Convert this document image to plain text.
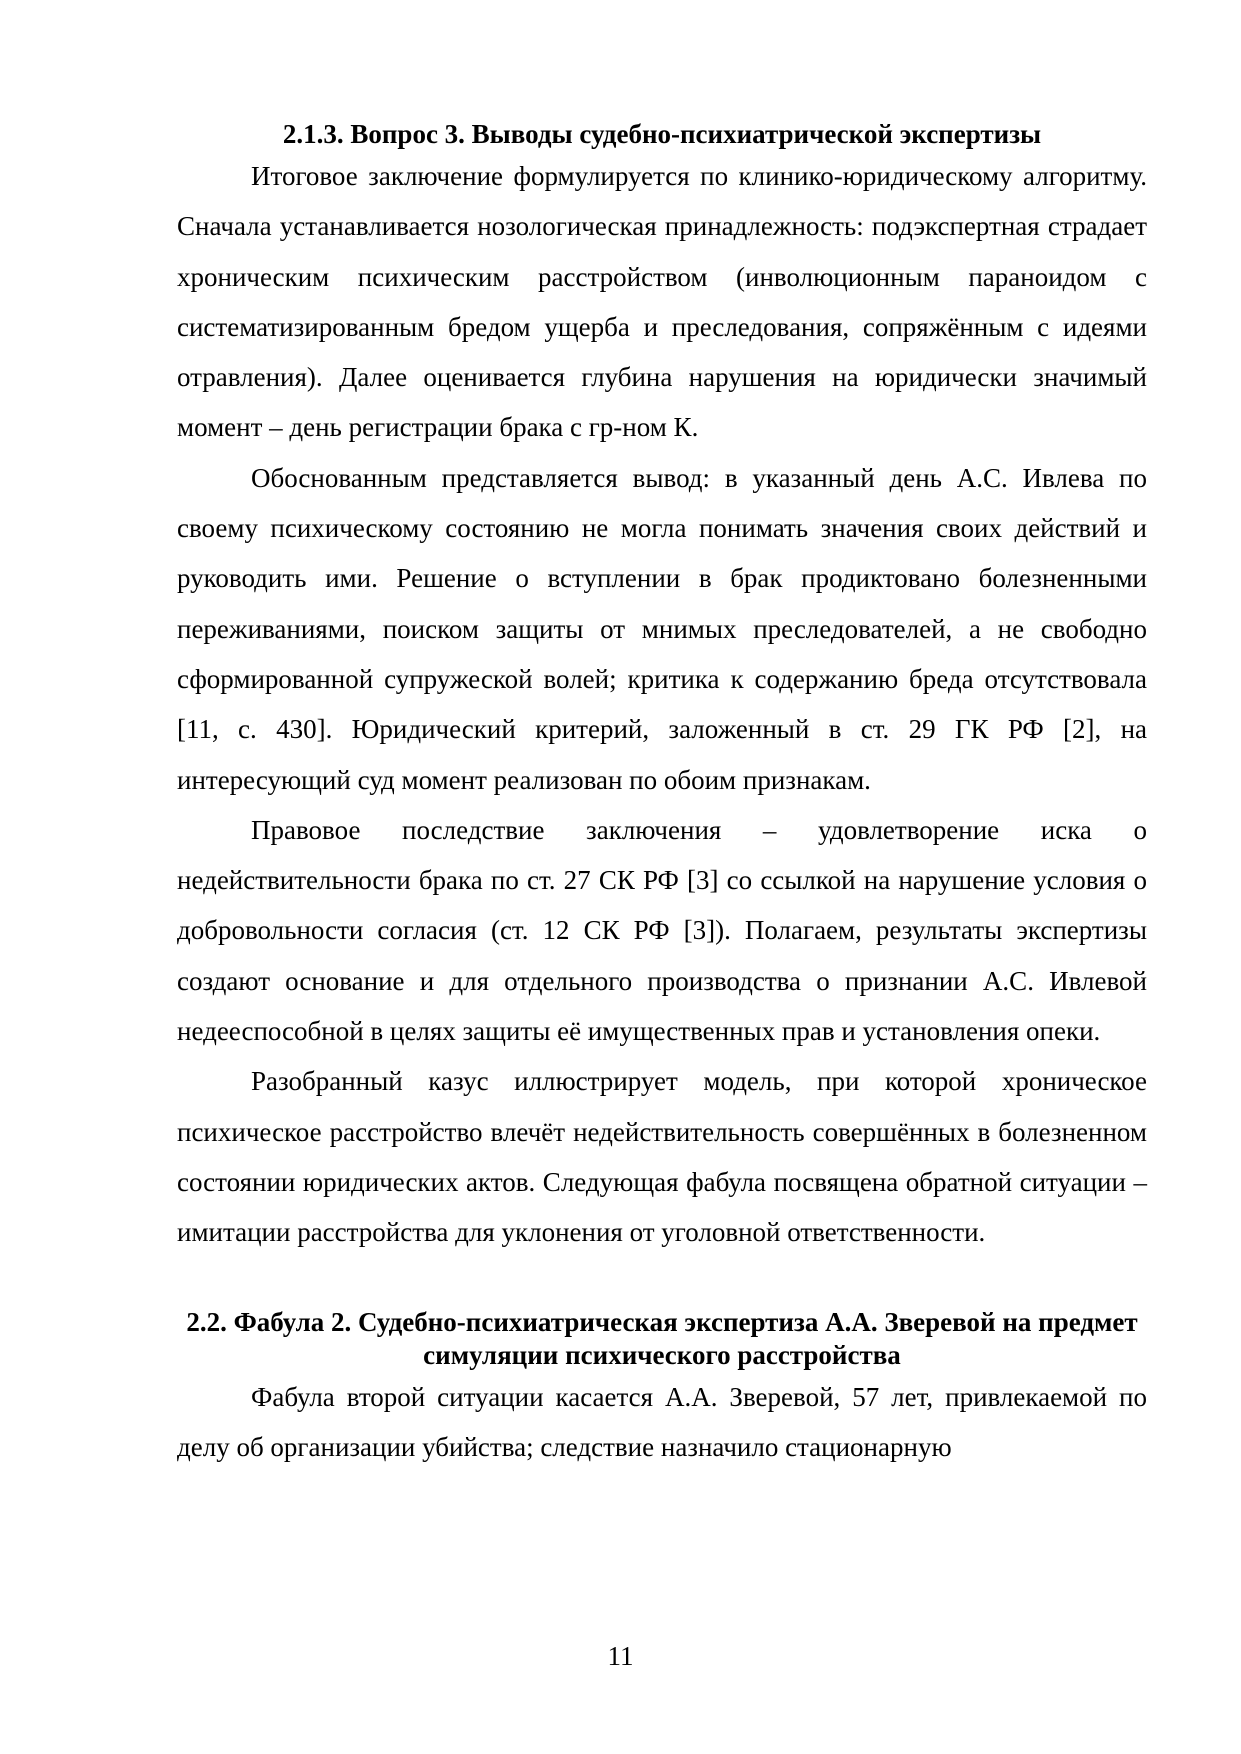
2.1.3. Вопрос 3. Выводы судебно-психиатрической экспертизы

Итоговое заключение формулируется по клинико-юридическому алгоритму. Сначала устанавливается нозологическая принадлежность: подэкспертная страдает хроническим психическим расстройством (инволюционным параноидом с систематизированным бредом ущерба и преследования, сопряжённым с идеями отравления). Далее оценивается глубина нарушения на юридически значимый момент – день регистрации брака с гр-ном К.

Обоснованным представляется вывод: в указанный день А.С. Ивлева по своему психическому состоянию не могла понимать значения своих действий и руководить ими. Решение о вступлении в брак продиктовано болезненными переживаниями, поиском защиты от мнимых преследователей, а не свободно сформированной супружеской волей; критика к содержанию бреда отсутствовала [11, с. 430]. Юридический критерий, заложенный в ст. 29 ГК РФ [2], на интересующий суд момент реализован по обоим признакам.

Правовое последствие заключения – удовлетворение иска о недействительности брака по ст. 27 СК РФ [3] со ссылкой на нарушение условия о добровольности согласия (ст. 12 СК РФ [3]). Полагаем, результаты экспертизы создают основание и для отдельного производства о признании А.С. Ивлевой недееспособной в целях защиты её имущественных прав и установления опеки.

Разобранный казус иллюстрирует модель, при которой хроническое психическое расстройство влечёт недействительность совершённых в болезненном состоянии юридических актов. Следующая фабула посвящена обратной ситуации – имитации расстройства для уклонения от уголовной ответственности.

2.2. Фабула 2. Судебно-психиатрическая экспертиза А.А. Зверевой на предмет симуляции психического расстройства

Фабула второй ситуации касается А.А. Зверевой, 57 лет, привлекаемой по делу об организации убийства; следствие назначило стационарную

11
